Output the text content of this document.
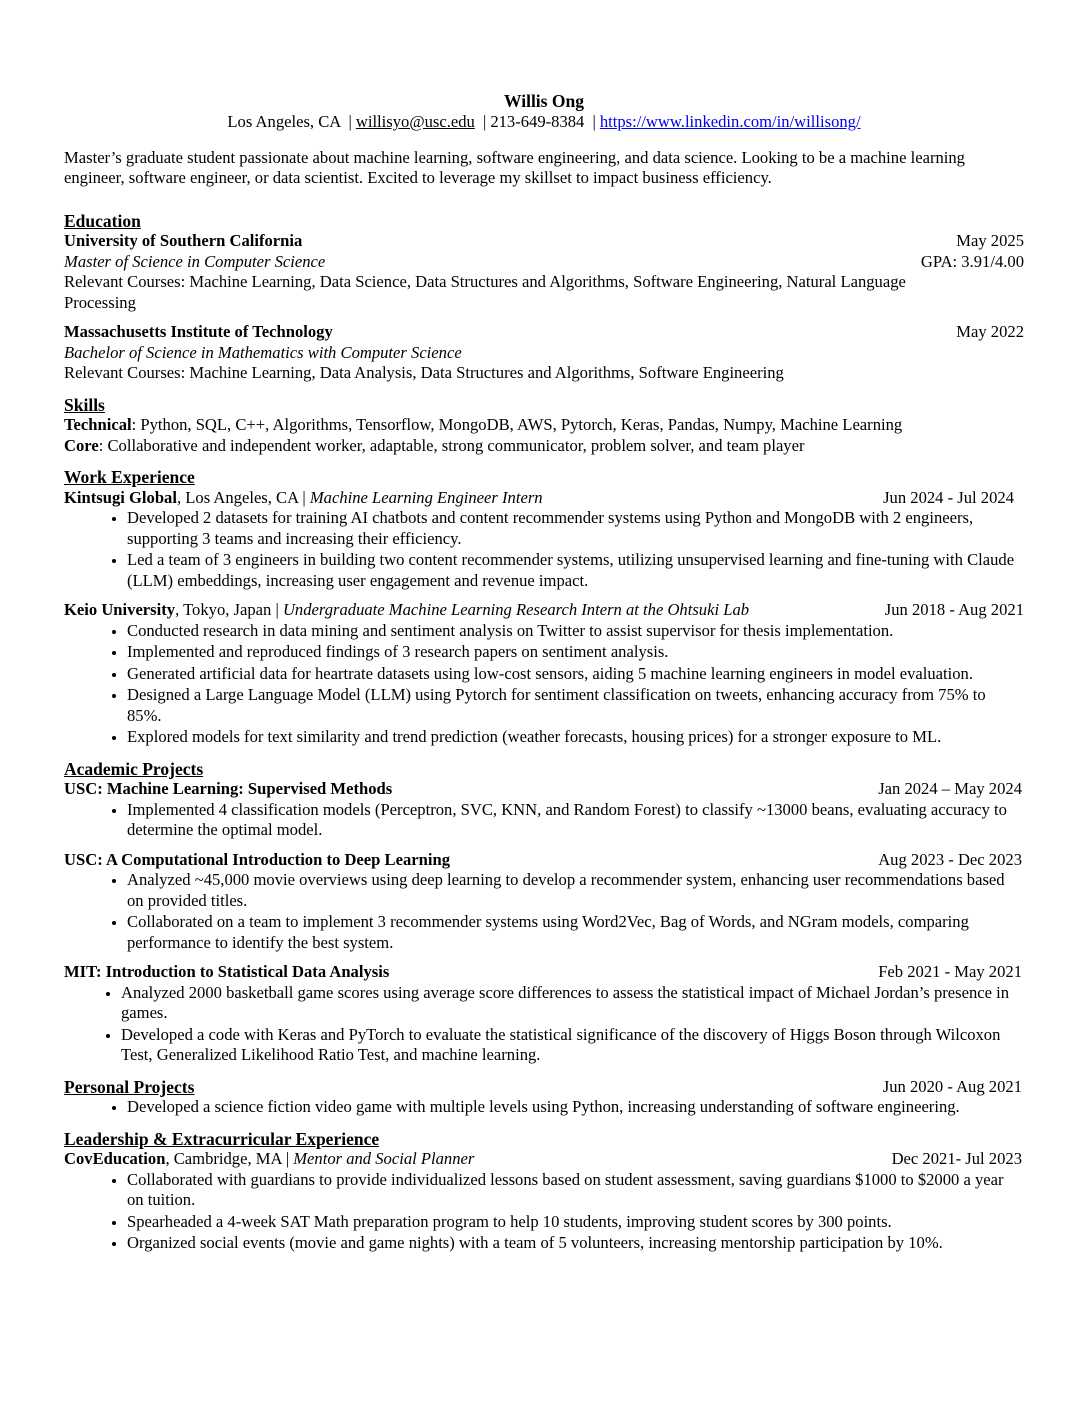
Willis Ong
Los Angeles, CA | willisyo@usc.edu | 213-649-8384 | https://www.linkedin.com/in/willisong/
Master’s graduate student passionate about machine learning, software engineering, and data science. Looking to be a machine learning engineer, software engineer, or data scientist. Excited to leverage my skillset to impact business efficiency.
Education
University of Southern California	May 2025
Master of Science in Computer Science	GPA: 3.91/4.00
Relevant Courses: Machine Learning, Data Science, Data Structures and Algorithms, Software Engineering, Natural Language Processing
Massachusetts Institute of Technology	May 2022
Bachelor of Science in Mathematics with Computer Science
Relevant Courses: Machine Learning, Data Analysis, Data Structures and Algorithms, Software Engineering
Skills
Technical: Python, SQL, C++, Algorithms, Tensorflow, MongoDB, AWS, Pytorch, Keras, Pandas, Numpy, Machine Learning
Core: Collaborative and independent worker, adaptable, strong communicator, problem solver, and team player
Work Experience
Kintsugi Global, Los Angeles, CA | Machine Learning Engineer Intern	Jun 2024 - Jul 2024
• Developed 2 datasets for training AI chatbots and content recommender systems using Python and MongoDB with 2 engineers, supporting 3 teams and increasing their efficiency.
• Led a team of 3 engineers in building two content recommender systems, utilizing unsupervised learning and fine-tuning with Claude (LLM) embeddings, increasing user engagement and revenue impact.
Keio University, Tokyo, Japan | Undergraduate Machine Learning Research Intern at the Ohtsuki Lab	Jun 2018 - Aug 2021
• Conducted research in data mining and sentiment analysis on Twitter to assist supervisor for thesis implementation.
• Implemented and reproduced findings of 3 research papers on sentiment analysis.
• Generated artificial data for heartrate datasets using low-cost sensors, aiding 5 machine learning engineers in model evaluation.
• Designed a Large Language Model (LLM) using Pytorch for sentiment classification on tweets, enhancing accuracy from 75% to 85%.
• Explored models for text similarity and trend prediction (weather forecasts, housing prices) for a stronger exposure to ML.
Academic Projects
USC: Machine Learning: Supervised Methods	Jan 2024 – May 2024
• Implemented 4 classification models (Perceptron, SVC, KNN, and Random Forest) to classify ~13000 beans, evaluating accuracy to determine the optimal model.
USC: A Computational Introduction to Deep Learning	Aug 2023 - Dec 2023
• Analyzed ~45,000 movie overviews using deep learning to develop a recommender system, enhancing user recommendations based on provided titles.
• Collaborated on a team to implement 3 recommender systems using Word2Vec, Bag of Words, and NGram models, comparing performance to identify the best system.
MIT: Introduction to Statistical Data Analysis	Feb 2021 - May 2021
• Analyzed 2000 basketball game scores using average score differences to assess the statistical impact of Michael Jordan’s presence in games.
• Developed a code with Keras and PyTorch to evaluate the statistical significance of the discovery of Higgs Boson through Wilcoxon Test, Generalized Likelihood Ratio Test, and machine learning.
Personal Projects	Jun 2020 - Aug 2021
• Developed a science fiction video game with multiple levels using Python, increasing understanding of software engineering.
Leadership & Extracurricular Experience
CovEducation, Cambridge, MA | Mentor and Social Planner	Dec 2021- Jul 2023
• Collaborated with guardians to provide individualized lessons based on student assessment, saving guardians $1000 to $2000 a year on tuition.
• Spearheaded a 4-week SAT Math preparation program to help 10 students, improving student scores by 300 points.
• Organized social events (movie and game nights) with a team of 5 volunteers, increasing mentorship participation by 10%.
